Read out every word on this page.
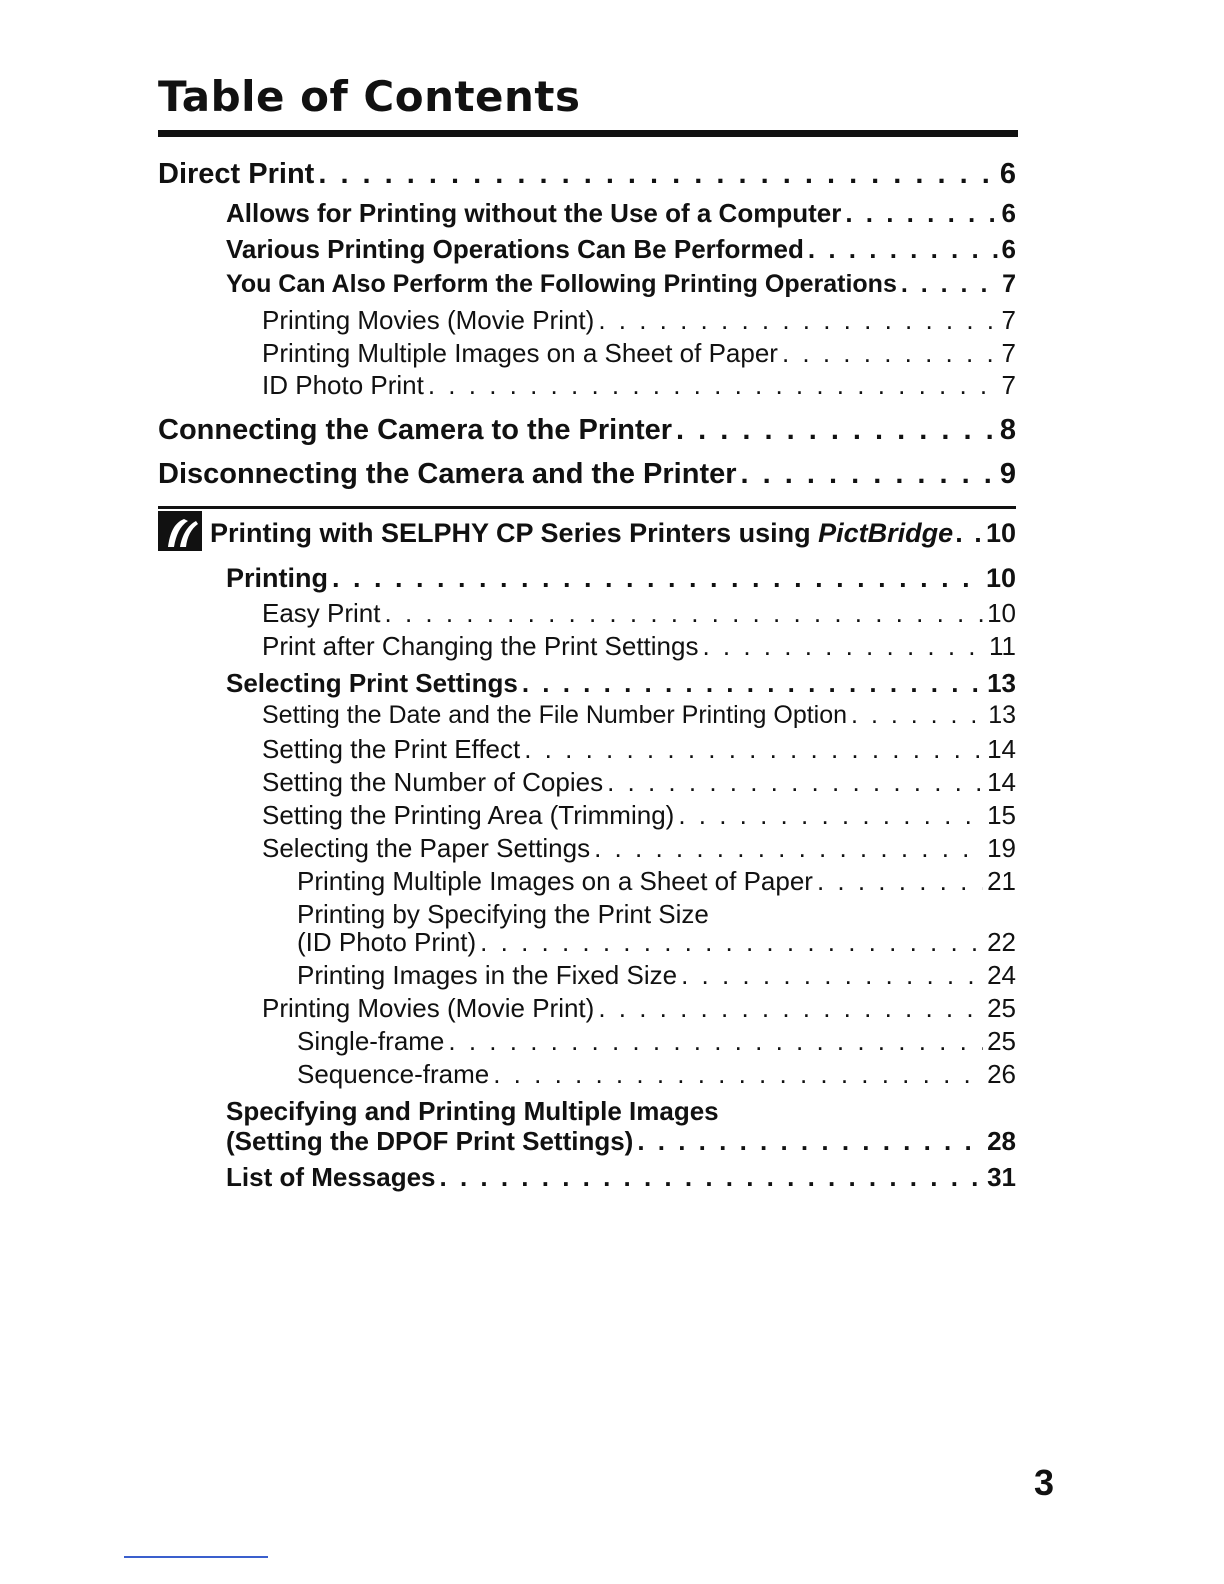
Table of Contents
Direct Print . . .	6
Allows for Printing without the Use of a Computer . . .	6
Various Printing Operations Can Be Performed . . .	6
You Can Also Perform the Following Printing Operations . . .	7
Printing Movies (Movie Print) . . .	7
Printing Multiple Images on a Sheet of Paper . . .	7
ID Photo Print . . .	7
Connecting the Camera to the Printer . . .	8
Disconnecting the Camera and the Printer . . .	9
Printing with SELPHY CP Series Printers using PictBridge . . . 10
Printing . . .	10
Easy Print . . .	10
Print after Changing the Print Settings . . .	11
Selecting Print Settings . . .	13
Setting the Date and the File Number Printing Option . . .	13
Setting the Print Effect . . .	14
Setting the Number of Copies . . .	14
Setting the Printing Area (Trimming) . . .	15
Selecting the Paper Settings . . .	19
Printing Multiple Images on a Sheet of Paper . . .	21
Printing by Specifying the Print Size
(ID Photo Print) . . .	22
Printing Images in the Fixed Size . . .	24
Printing Movies (Movie Print) . . .	25
Single-frame . . .	25
Sequence-frame . . .	26
Specifying and Printing Multiple Images
(Setting the DPOF Print Settings) . . .	28
List of Messages . . .	31
3
